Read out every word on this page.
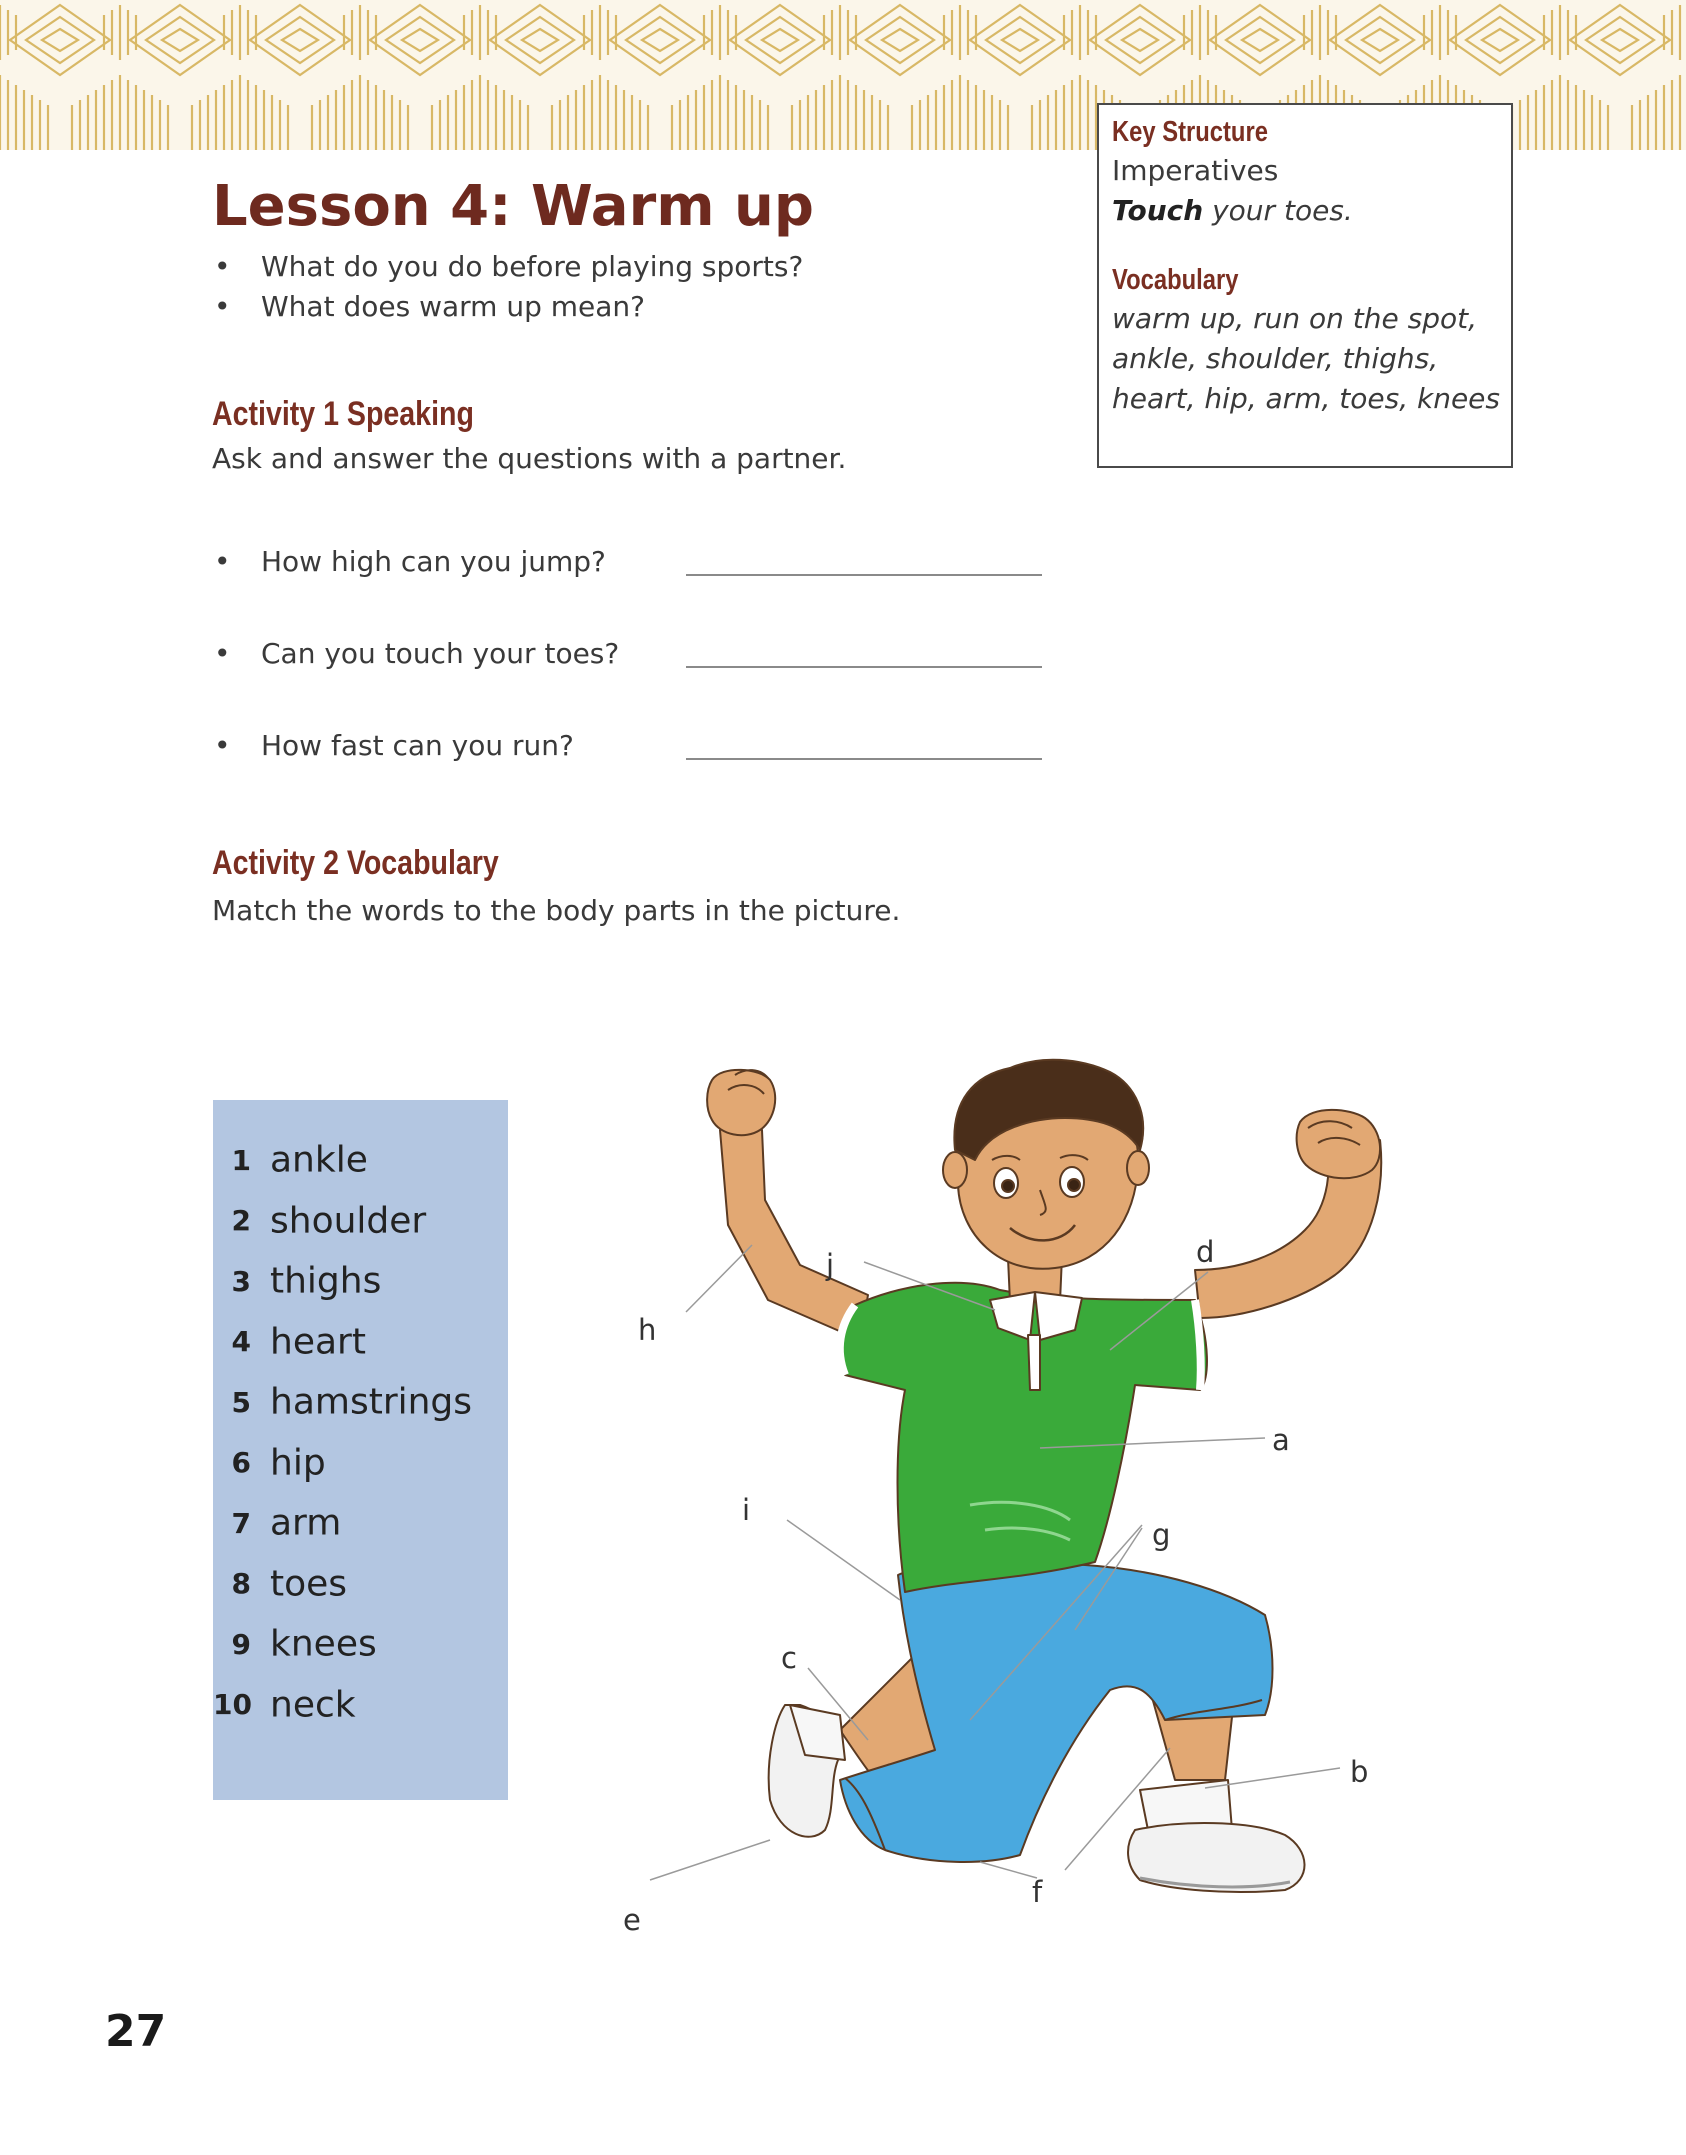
Key Structure
Imperatives
Touch your toes.
Vocabulary
warm up, run on the spot,
ankle, shoulder, thighs,
heart, hip, arm, toes, knees
Lesson 4: Warm up
• What do you do before playing sports?
• What does warm up mean?
Activity 1 Speaking
Ask and answer the questions with a partner.
• How high can you jump?
• Can you touch your toes?
• How fast can you run?
Activity 2 Vocabulary
Match the words to the body parts in the picture.
1 ankle
2 shoulder
3 thighs
4 heart
5 hamstrings
6 hip
7 arm
8 toes
9 knees
10 neck
a
b
c
d
e
f
g
h
i
j
27
